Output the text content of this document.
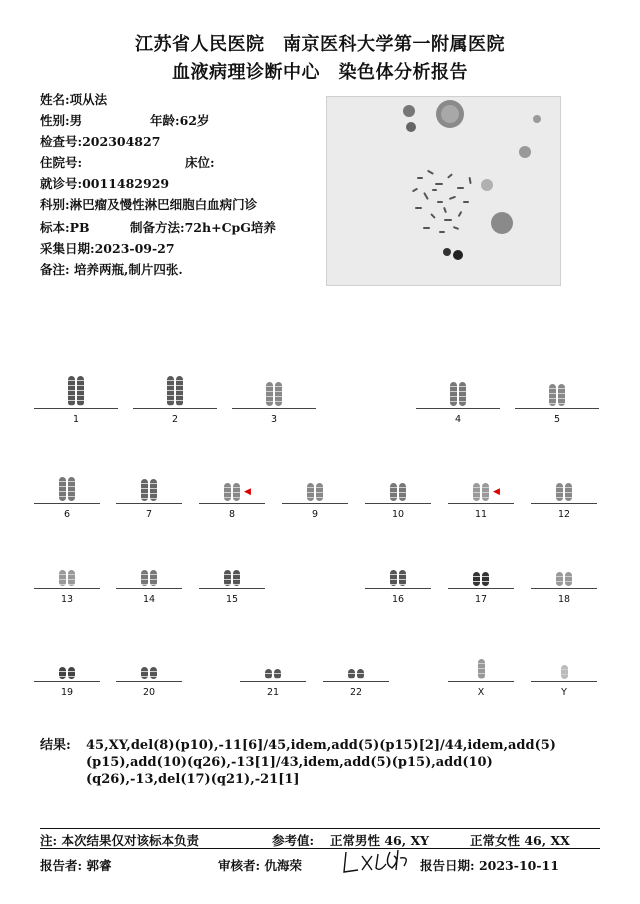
江苏省人民医院　南京医科大学第一附属医院
血液病理诊断中心　染色体分析报告
姓名:项从法
性别:男	年龄:62岁
检查号:202304827
住院号:	床位:
就诊号:0011482929
科别:淋巴瘤及慢性淋巴细胞白血病门诊
标本:PB	制备方法:72h+CpG培养
采集日期:2023-09-27
备注: 培养两瓶,制片四张.
1	2	3	4	5
6	7	8
◀
9	10	11
◀
12
13	14	15	16	17	18
19	20	21	22	X	Y
结果: 45,XY,del(8)(p10),-11[6]/45,idem,add(5)(p15)[2]/44,idem,add(5)(p15),add(10)(q26),-13[1]/43,idem,add(5)(p15),add(10)(q26),-13,del(17)(q21),-21[1]
注: 本次结果仅对该标本负责	参考值: 正常男性 46, XY	正常女性 46, XX
报告者: 郭睿	审核者: 仇海荣	报告日期: 2023-10-11
